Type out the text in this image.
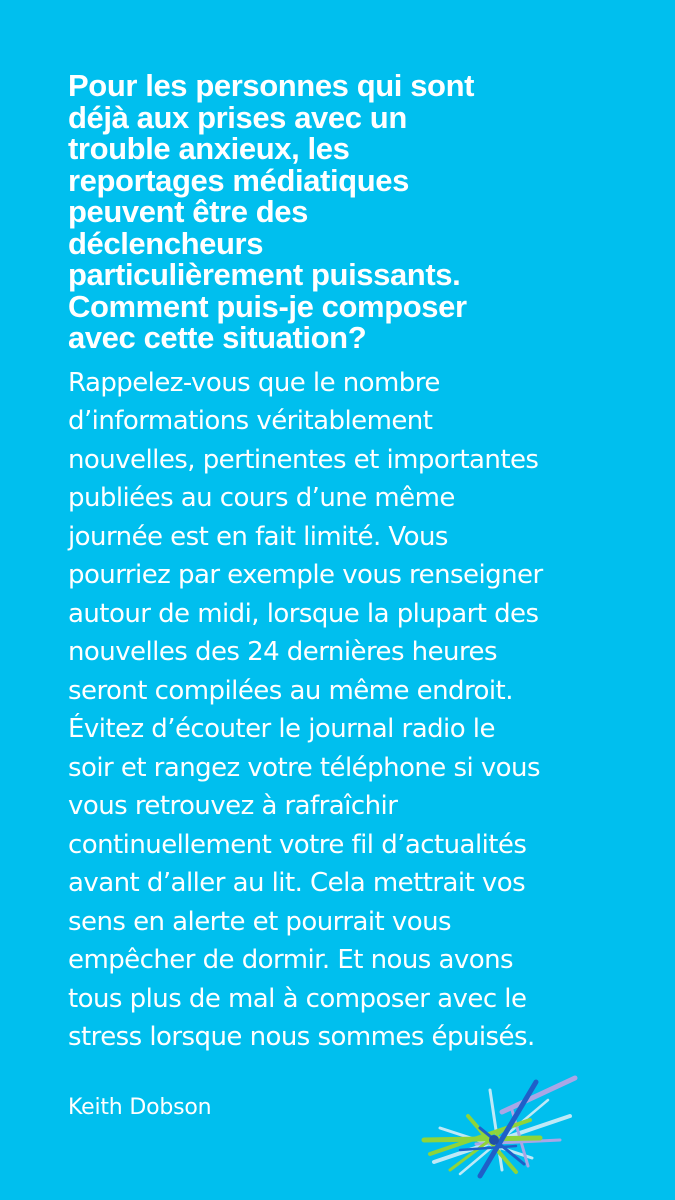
Pour les personnes qui sont
déjà aux prises avec un
trouble anxieux, les
reportages médiatiques
peuvent être des
déclencheurs
particulièrement puissants.
Comment puis-je composer
avec cette situation?

Rappelez-vous que le nombre
d’informations véritablement
nouvelles, pertinentes et importantes
publiées au cours d’une même
journée est en fait limité. Vous
pourriez par exemple vous renseigner
autour de midi, lorsque la plupart des
nouvelles des 24 dernières heures
seront compilées au même endroit.
Évitez d’écouter le journal radio le
soir et rangez votre téléphone si vous
vous retrouvez à rafraîchir
continuellement votre fil d’actualités
avant d’aller au lit. Cela mettrait vos
sens en alerte et pourrait vous
empêcher de dormir. Et nous avons
tous plus de mal à composer avec le
stress lorsque nous sommes épuisés.

Keith Dobson
